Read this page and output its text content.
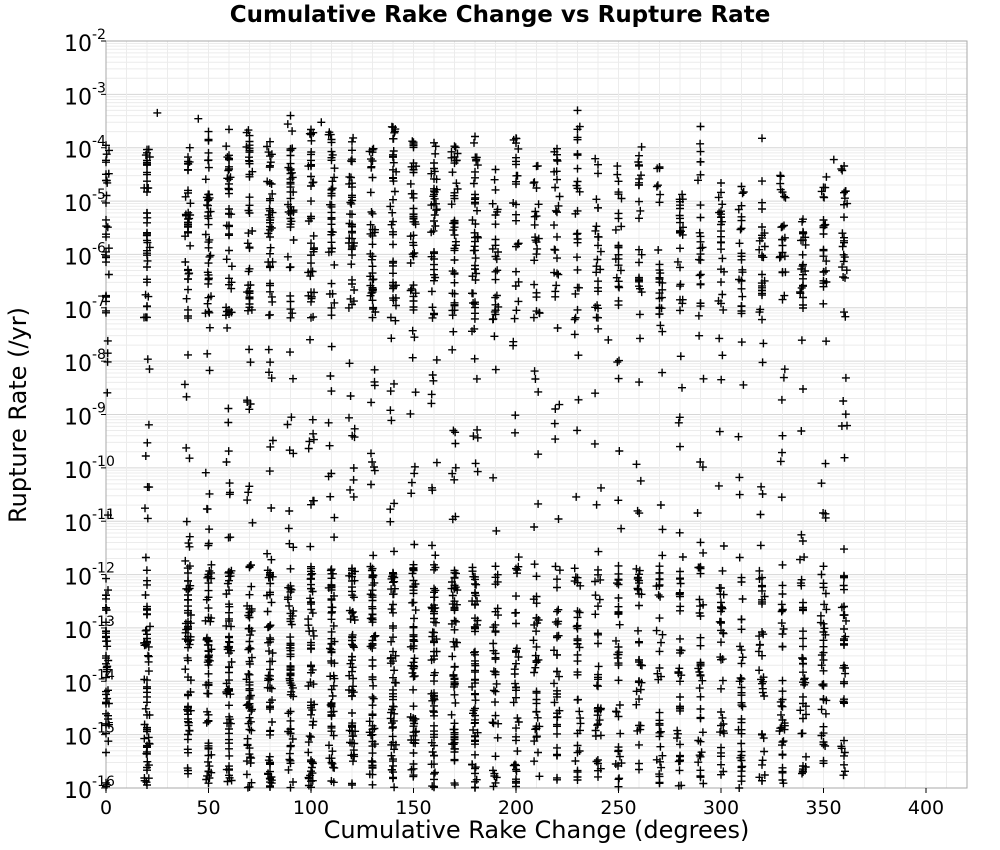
Cumulative Rake Change vs Rupture Rate
10 -16
10 -15
10 -14
10 -13
10 -12
10 -11
10 -10
10 -9
10 -8
10 -7
10 -6
10 -5
10 -4
10 -3
10 -2
0	50	100	150	200	250	300	350	400
Cumulative Rake Change (degrees)
Rupture Rate (/yr)
